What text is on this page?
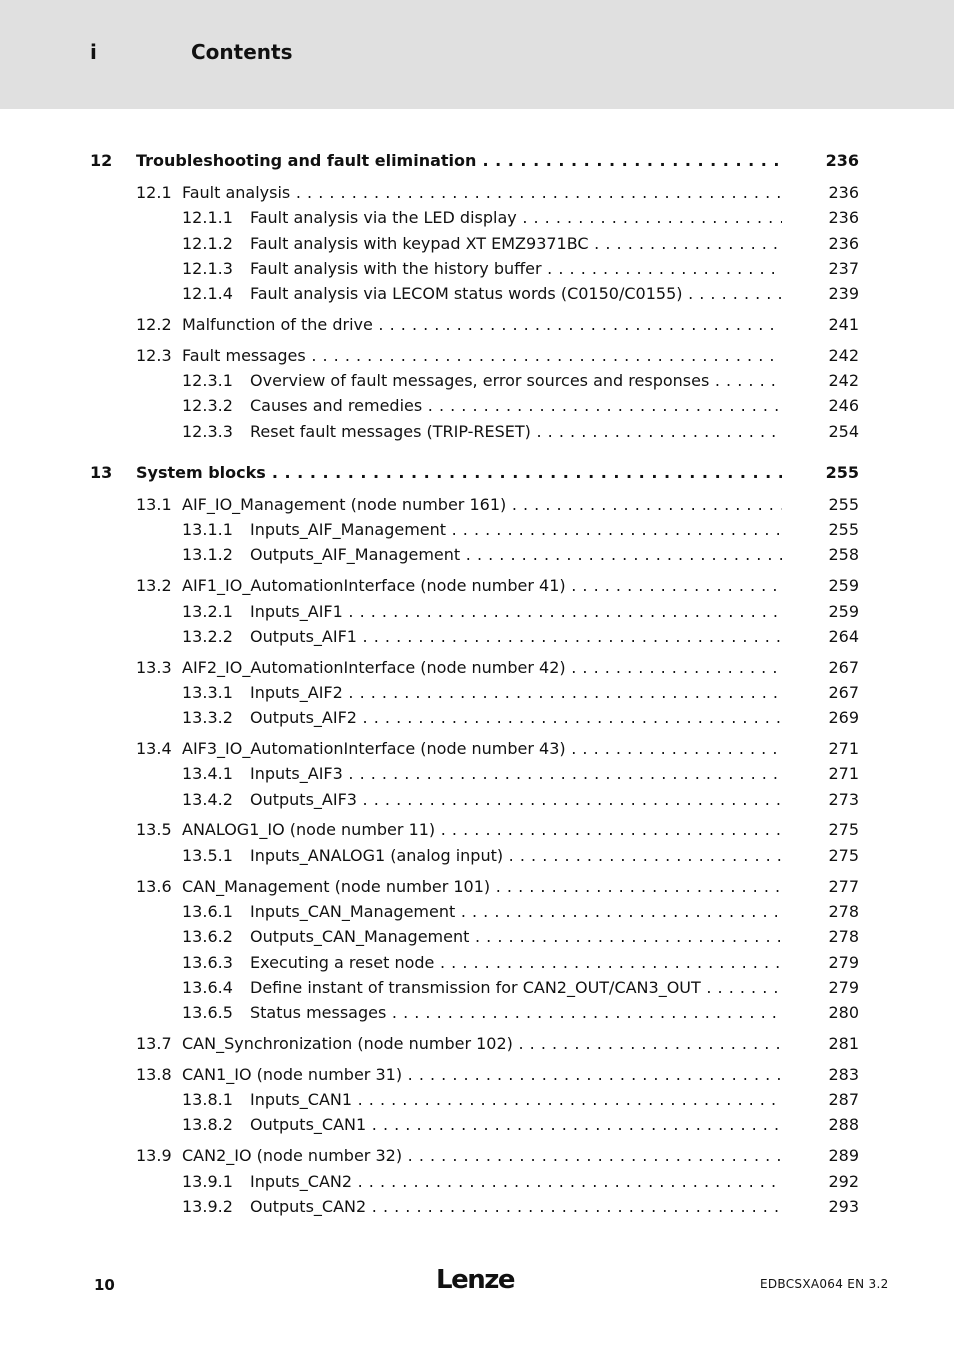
i	Contents
12 Troubleshooting and fault elimination . . .	236
12.1 Fault analysis . . .	236
12.1.1 Fault analysis via the LED display . . .	236
12.1.2 Fault analysis with keypad XT EMZ9371BC . . .	236
12.1.3 Fault analysis with the history buffer . . .	237
12.1.4 Fault analysis via LECOM status words (C0150/C0155) . . .	239
12.2 Malfunction of the drive . . .	241
12.3 Fault messages . . .	242
12.3.1 Overview of fault messages, error sources and responses . . .	242
12.3.2 Causes and remedies . . .	246
12.3.3 Reset fault messages (TRIP-RESET) . . .	254
13 System blocks . . .	255
13.1 AIF_IO_Management (node number 161) . . .	255
13.1.1 Inputs_AIF_Management . . .	255
13.1.2 Outputs_AIF_Management . . .	258
13.2 AIF1_IO_AutomationInterface (node number 41) . . .	259
13.2.1 Inputs_AIF1 . . .	259
13.2.2 Outputs_AIF1 . . .	264
13.3 AIF2_IO_AutomationInterface (node number 42) . . .	267
13.3.1 Inputs_AIF2 . . .	267
13.3.2 Outputs_AIF2 . . .	269
13.4 AIF3_IO_AutomationInterface (node number 43) . . .	271
13.4.1 Inputs_AIF3 . . .	271
13.4.2 Outputs_AIF3 . . .	273
13.5 ANALOG1_IO (node number 11) . . .	275
13.5.1 Inputs_ANALOG1 (analog input) . . .	275
13.6 CAN_Management (node number 101) . . .	277
13.6.1 Inputs_CAN_Management . . .	278
13.6.2 Outputs_CAN_Management . . .	278
13.6.3 Executing a reset node . . .	279
13.6.4 Define instant of transmission for CAN2_OUT/CAN3_OUT . . .	279
13.6.5 Status messages . . .	280
13.7 CAN_Synchronization (node number 102) . . .	281
13.8 CAN1_IO (node number 31) . . .	283
13.8.1 Inputs_CAN1 . . .	287
13.8.2 Outputs_CAN1 . . .	288
13.9 CAN2_IO (node number 32) . . .	289
13.9.1 Inputs_CAN2 . . .	292
13.9.2 Outputs_CAN2 . . .	293
10	Lenze	EDBCSXA064 EN 3.2
